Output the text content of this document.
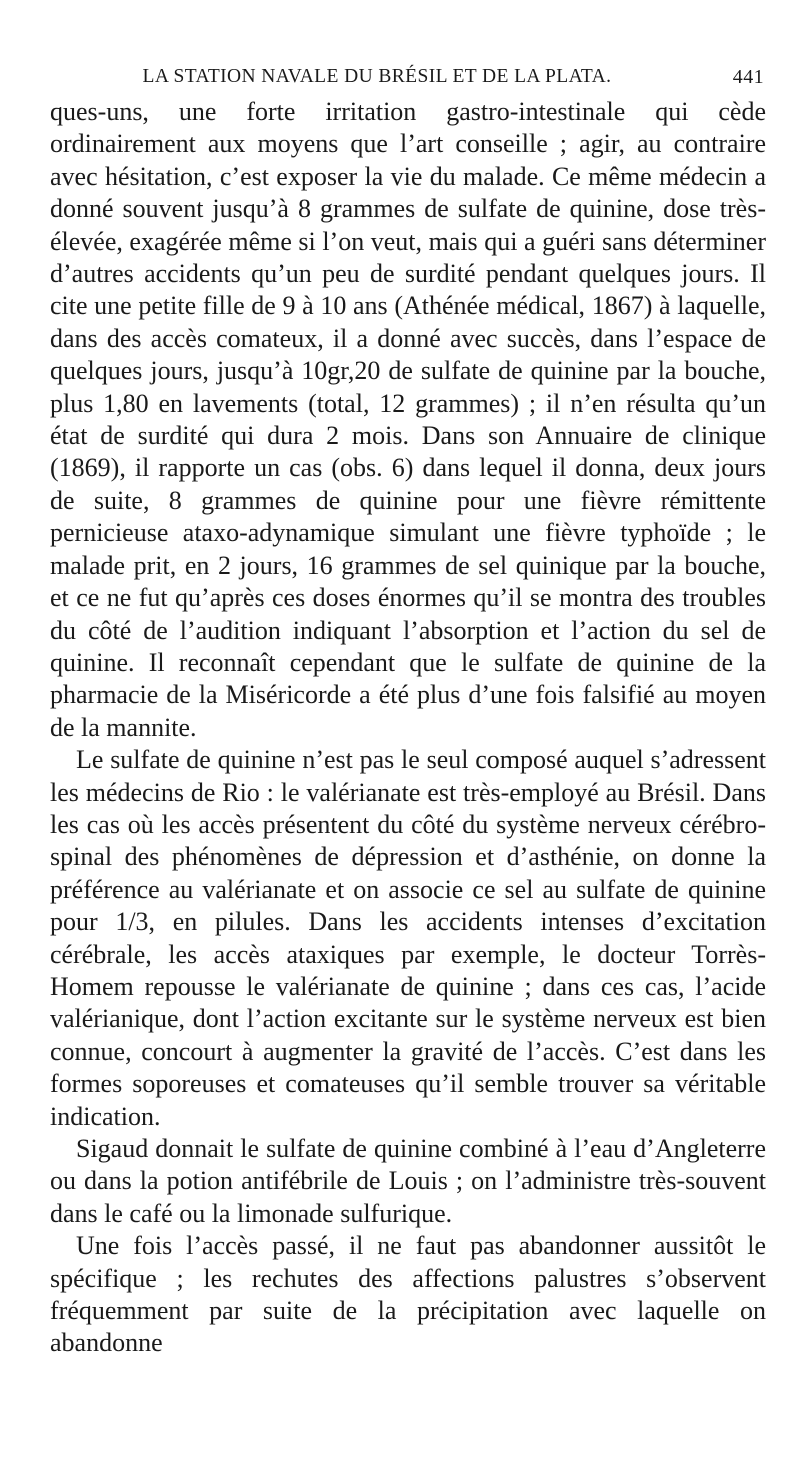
LA STATION NAVALE DU BRÉSIL ET DE LA PLATA.	441

ques-uns, une forte irritation gastro-intestinale qui cède ordinairement aux moyens que l’art conseille ; agir, au contraire avec hésitation, c’est exposer la vie du malade. Ce même médecin a donné souvent jusqu’à 8 grammes de sulfate de quinine, dose très-élevée, exagérée même si l’on veut, mais qui a guéri sans déterminer d’autres accidents qu’un peu de surdité pendant quelques jours. Il cite une petite fille de 9 à 10 ans (Athénée médical, 1867) à laquelle, dans des accès comateux, il a donné avec succès, dans l’espace de quelques jours, jusqu’à 10gr,20 de sulfate de quinine par la bouche, plus 1,80 en lavements (total, 12 grammes) ; il n’en résulta qu’un état de surdité qui dura 2 mois. Dans son Annuaire de clinique (1869), il rapporte un cas (obs. 6) dans lequel il donna, deux jours de suite, 8 grammes de quinine pour une fièvre rémittente pernicieuse ataxo-adynamique simulant une fièvre typhoïde ; le malade prit, en 2 jours, 16 grammes de sel quinique par la bouche, et ce ne fut qu’après ces doses énormes qu’il se montra des troubles du côté de l’audition indiquant l’absorption et l’action du sel de quinine. Il reconnaît cependant que le sulfate de quinine de la pharmacie de la Miséricorde a été plus d’une fois falsifié au moyen de la mannite.

Le sulfate de quinine n’est pas le seul composé auquel s’adressent les médecins de Rio : le valérianate est très-employé au Brésil. Dans les cas où les accès présentent du côté du système nerveux cérébro-spinal des phénomènes de dépression et d’asthénie, on donne la préférence au valérianate et on associe ce sel au sulfate de quinine pour 1/3, en pilules. Dans les accidents intenses d’excitation cérébrale, les accès ataxiques par exemple, le docteur Torrès-Homem repousse le valérianate de quinine ; dans ces cas, l’acide valérianique, dont l’action excitante sur le système nerveux est bien connue, concourt à augmenter la gravité de l’accès. C’est dans les formes soporeuses et comateuses qu’il semble trouver sa véritable indication.

Sigaud donnait le sulfate de quinine combiné à l’eau d’Angleterre ou dans la potion antifébrile de Louis ; on l’administre très-souvent dans le café ou la limonade sulfurique.

Une fois l’accès passé, il ne faut pas abandonner aussitôt le spécifique ; les rechutes des affections palustres s’observent fréquemment par suite de la précipitation avec laquelle on abandonne
